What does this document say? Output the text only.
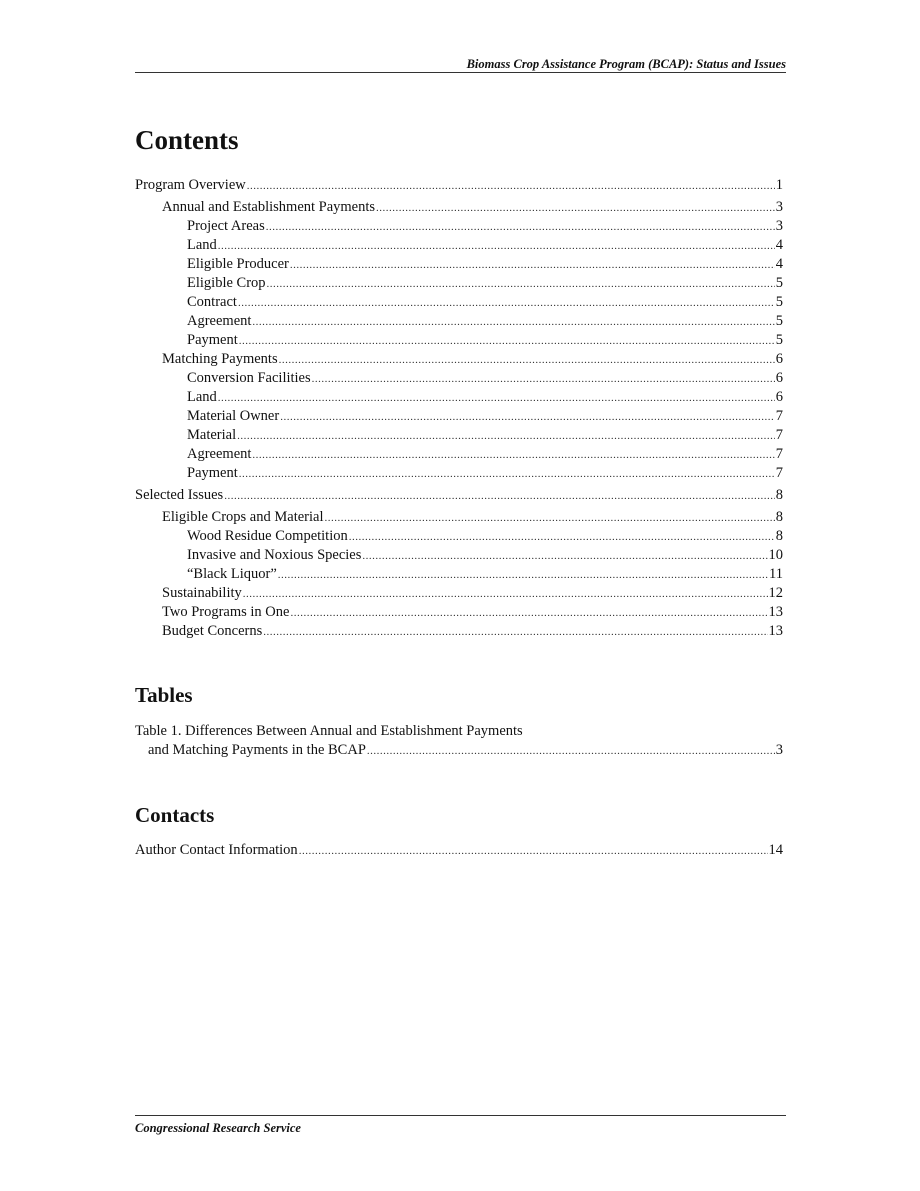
Biomass Crop Assistance Program (BCAP): Status and Issues
Contents
Program Overview .....	1
Annual and Establishment Payments .....	3
Project Areas .....	3
Land .....	4
Eligible Producer .....	4
Eligible Crop .....	5
Contract .....	5
Agreement .....	5
Payment .....	5
Matching Payments .....	6
Conversion Facilities .....	6
Land .....	6
Material Owner .....	7
Material .....	7
Agreement .....	7
Payment .....	7
Selected Issues .....	8
Eligible Crops and Material .....	8
Wood Residue Competition .....	8
Invasive and Noxious Species .....	10
“Black Liquor” .....	11
Sustainability .....	12
Two Programs in One .....	13
Budget Concerns .....	13
Tables
Table 1. Differences Between Annual and Establishment Payments
and Matching Payments in the BCAP .....	3
Contacts
Author Contact Information .....	14
Congressional Research Service
